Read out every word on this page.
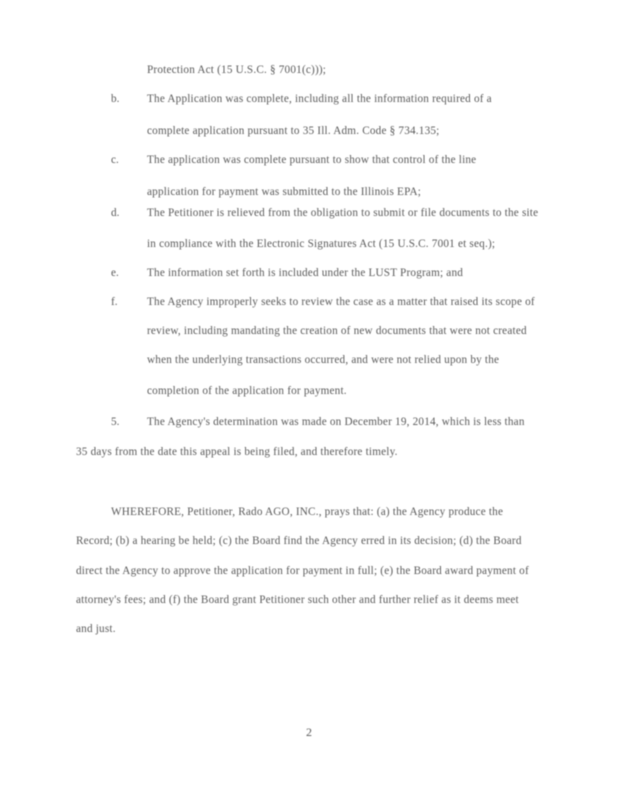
Protection Act (15 U.S.C. § 7001(c)));
b. The Application was complete, including all the information required of a
complete application pursuant to 35 Ill. Adm. Code § 734.135;
c.	The application was complete pursuant to show that control of the line
application for payment was submitted to the Illinois EPA;
d. The Petitioner is relieved from the obligation to submit or file documents to the site
in compliance with the Electronic Signatures Act (15 U.S.C. 7001 et seq.);
e.	The information set forth is included under the LUST Program; and
f.	The Agency improperly seeks to review the case as a matter that raised its scope of
review, including mandating the creation of new documents that were not created
when the underlying transactions occurred, and were not relied upon by the
completion of the application for payment.
5. The Agency's determination was made on December 19, 2014, which is less than
35 days from the date this appeal is being filed, and therefore timely.
WHEREFORE, Petitioner, Rado AGO, INC., prays that: (a) the Agency produce the
Record; (b) a hearing be held; (c) the Board find the Agency erred in its decision; (d) the Board
direct the Agency to approve the application for payment in full; (e) the Board award payment of
attorney's fees; and (f) the Board grant Petitioner such other and further relief as it deems meet
and just.
2
